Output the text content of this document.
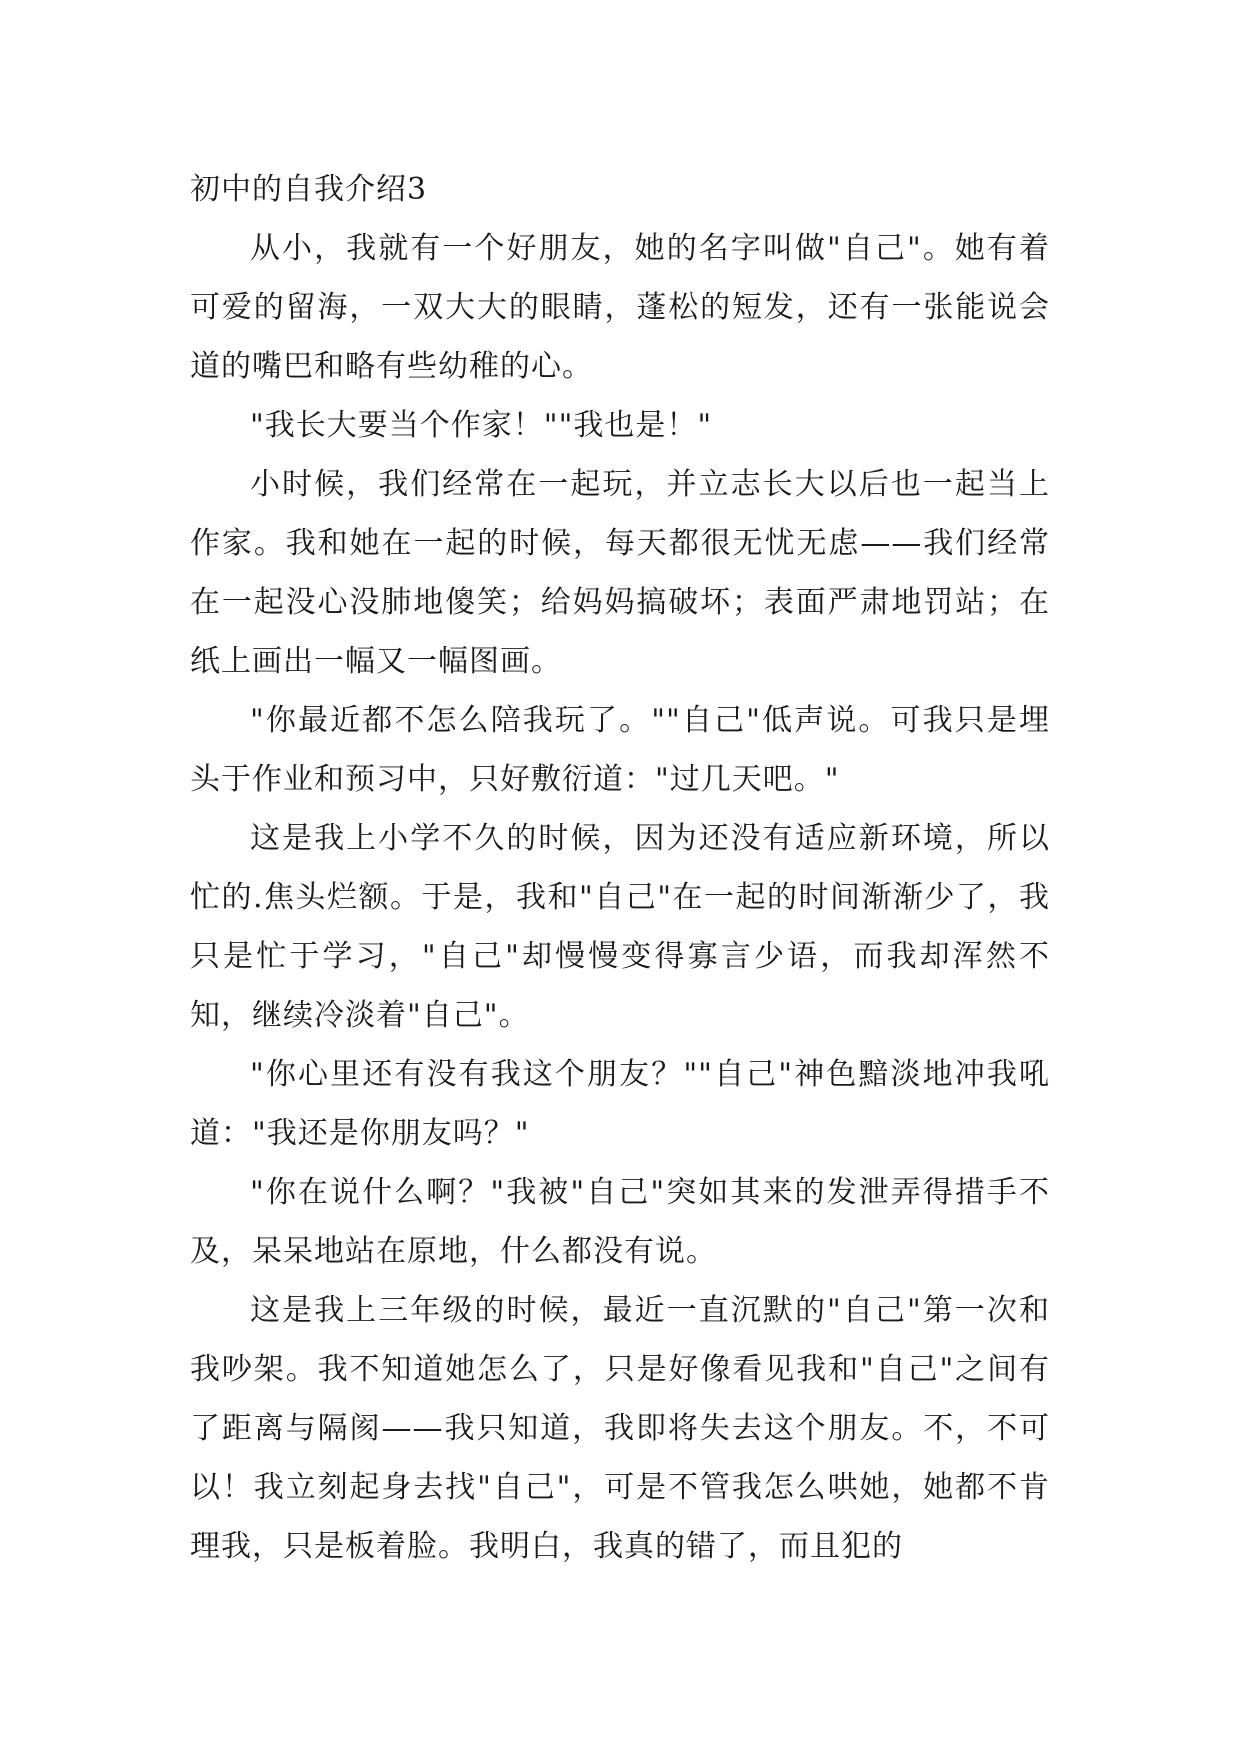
初中的自我介绍3

从小，我就有一个好朋友，她的名字叫做"自己"。她有着可爱的留海，一双大大的眼睛，蓬松的短发，还有一张能说会道的嘴巴和略有些幼稚的心。

"我长大要当个作家！""我也是！"

小时候，我们经常在一起玩，并立志长大以后也一起当上作家。我和她在一起的时候，每天都很无忧无虑——我们经常在一起没心没肺地傻笑；给妈妈搞破坏；表面严肃地罚站；在纸上画出一幅又一幅图画。

"你最近都不怎么陪我玩了。""自己"低声说。可我只是埋头于作业和预习中，只好敷衍道："过几天吧。"

这是我上小学不久的时候，因为还没有适应新环境，所以忙的.焦头烂额。于是，我和"自己"在一起的时间渐渐少了，我只是忙于学习，"自己"却慢慢变得寡言少语，而我却浑然不知，继续冷淡着"自己"。

"你心里还有没有我这个朋友？""自己"神色黯淡地冲我吼道："我还是你朋友吗？"

"你在说什么啊？"我被"自己"突如其来的发泄弄得措手不及，呆呆地站在原地，什么都没有说。

这是我上三年级的时候，最近一直沉默的"自己"第一次和我吵架。我不知道她怎么了，只是好像看见我和"自己"之间有了距离与隔阂——我只知道，我即将失去这个朋友。不，不可以！我立刻起身去找"自己"，可是不管我怎么哄她，她都不肯理我，只是板着脸。我明白，我真的错了，而且犯的
